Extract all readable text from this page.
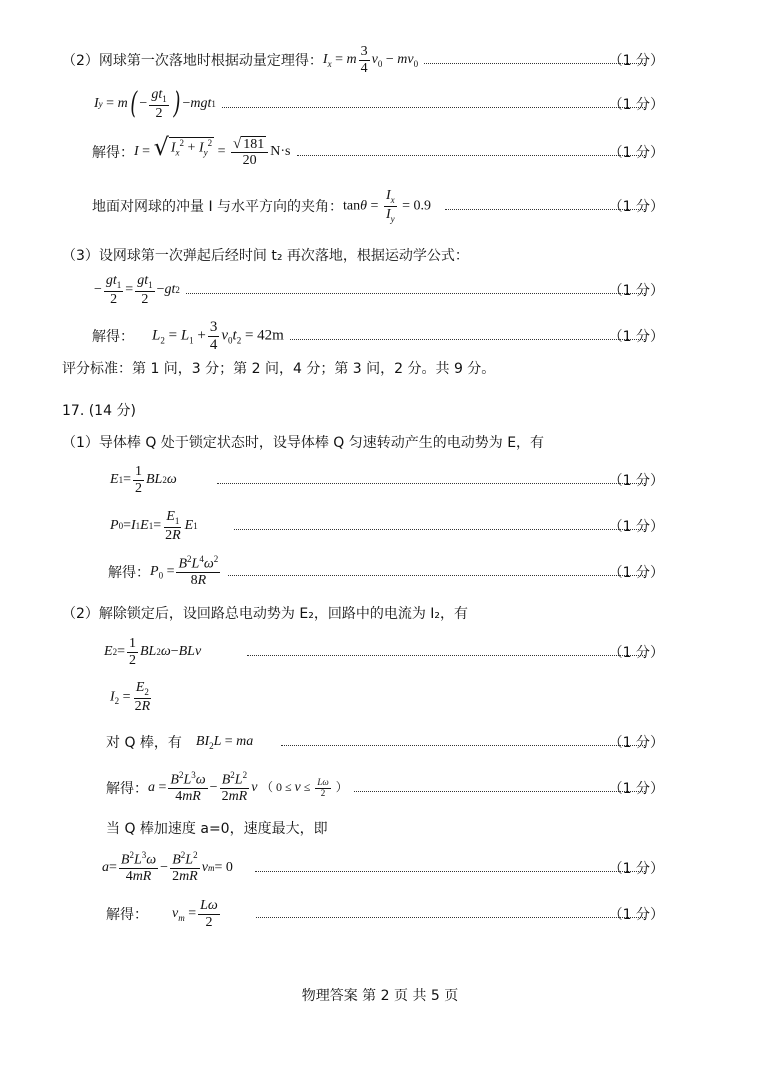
（2）网球第一次落地时根据动量定理得： $I_x = m \frac{3}{4} v_0 - mv_0$	（1 分）
I y = m ( − $\frac{gt_1}{2}$ ) − mgt 1	（1 分）
解得： I = √ $I_x^2 + I_y^2$
= $\frac{√ 181}{20} N\cdot s$	（1 分）
地面对网球的冲量 I 与水平方向的夹角： $\tan\theta = \frac{I_x}{I_y} = 0.9$	（1 分）
（3）设网球第一次弹起后经时间 t₂ 再次落地，根据运动学公式：
− $\frac{gt_1}{2} = \frac{gt_1}{2}$ − gt 2	（1 分）
解得： $L_2 = L_1 + \frac{3}{4} v_0t_2 = 42m$	（1 分）
评分标准：第 1 问，3 分；第 2 问，4 分；第 3 问，2 分。共 9 分。
17. (14 分)
（1）导体棒 Q 处于锁定状态时，设导体棒 Q 匀速转动产生的电动势为 E，有
E $1 = \frac{1}{2}$ BL 2 ω	（1 分）
P 0 = I 1 E $1 = \frac{E_1}{2R}$ E 1	（1 分）
解得： $P_0 = \frac{B^2L^4\omega^2}{8R}$	（1 分）
（2）解除锁定后，设回路总电动势为 E₂，回路中的电流为 I₂，有
E $2 = \frac{1}{2}$ BL 2 ω − BLv	（1 分）
$I_2 = \frac{E_2}{2R}$
对 Q 棒，有 $BI_2L$ = ma	（1 分）
解得： $a = \frac{B^2L^3\omega}{4mR} - \frac{B^2L^2}{2mR}$ v （ $0 \le v \le \frac{L\omega}{2}$ ）	（1 分）
当 Q 棒加速度 a=0，速度最大，即
$a = \frac{B^2L^3\omega}{4mR} - \frac{B^2L^2}{2mR}$ v m = 0	（1 分）
解得： $v_m = \frac{L\omega}{2}$	（1 分）
物理答案 第 2 页 共 5 页
